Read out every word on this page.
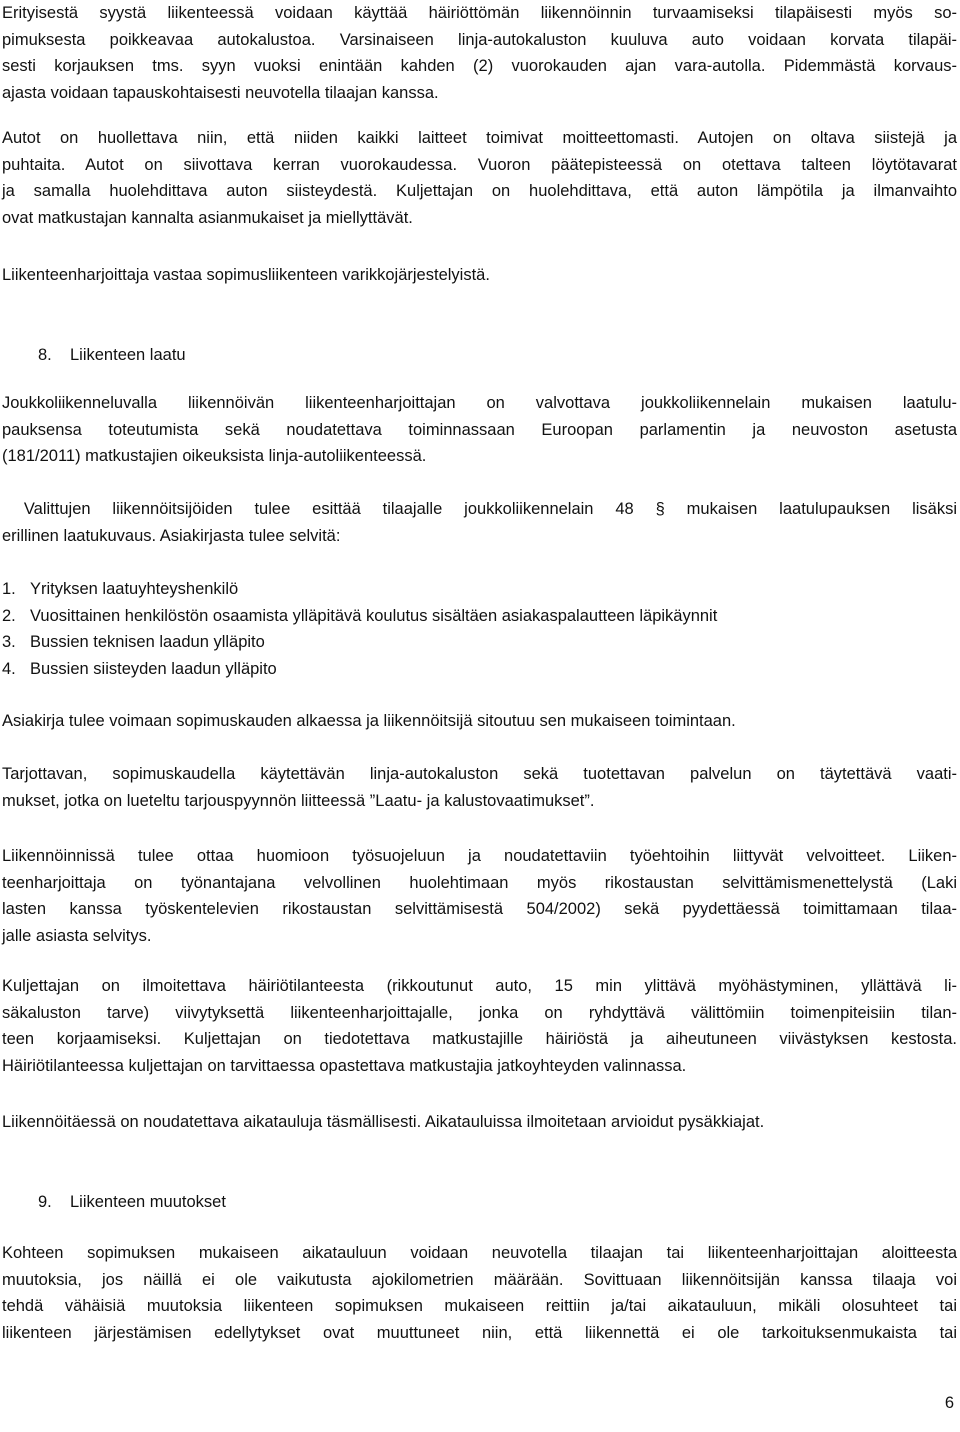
Erityisestä syystä liikenteessä voidaan käyttää häiriöttömän liikennöinnin turvaamiseksi tilapäisesti myös so-
pimuksesta poikkeavaa autokalustoa. Varsinaiseen linja-autokaluston kuuluva auto voidaan korvata tilapäi-
sesti korjauksen tms. syyn vuoksi enintään kahden (2) vuorokauden ajan vara-autolla. Pidemmästä korvaus-
ajasta voidaan tapauskohtaisesti neuvotella tilaajan kanssa.
Autot on huollettava niin, että niiden kaikki laitteet toimivat moitteettomasti. Autojen on oltava siistejä ja
puhtaita. Autot on siivottava kerran vuorokaudessa. Vuoron päätepisteessä on otettava talteen löytötavarat
ja samalla huolehdittava auton siisteydestä. Kuljettajan on huolehdittava, että auton lämpötila ja ilmanvaihto
ovat matkustajan kannalta asianmukaiset ja miellyttävät.
Liikenteenharjoittaja vastaa sopimusliikenteen varikkojärjestelyistä.
8. Liikenteen laatu
Joukkoliikenneluvalla liikennöivän liikenteenharjoittajan on valvottava joukkoliikennelain mukaisen laatulu-
pauksensa toteutumista sekä noudatettava toiminnassaan Euroopan parlamentin ja neuvoston asetusta
(181/2011) matkustajien oikeuksista linja-autoliikenteessä.
Valittujen liikennöitsijöiden tulee esittää tilaajalle joukkoliikennelain 48 § mukaisen laatulupauksen lisäksi
erillinen laatukuvaus. Asiakirjasta tulee selvitä:
1. Yrityksen laatuyhteyshenkilö
2. Vuosittainen henkilöstön osaamista ylläpitävä koulutus sisältäen asiakaspalautteen läpikäynnit
3. Bussien teknisen laadun ylläpito
4. Bussien siisteyden laadun ylläpito
Asiakirja tulee voimaan sopimuskauden alkaessa ja liikennöitsijä sitoutuu sen mukaiseen toimintaan.
Tarjottavan, sopimuskaudella käytettävän linja-autokaluston sekä tuotettavan palvelun on täytettävä vaati-
mukset, jotka on lueteltu tarjouspyynnön liitteessä ”Laatu- ja kalustovaatimukset”.
Liikennöinnissä tulee ottaa huomioon työsuojeluun ja noudatettaviin työehtoihin liittyvät velvoitteet. Liiken-
teenharjoittaja on työnantajana velvollinen huolehtimaan myös rikostaustan selvittämismenettelystä (Laki
lasten kanssa työskentelevien rikostaustan selvittämisestä 504/2002) sekä pyydettäessä toimittamaan tilaa-
jalle asiasta selvitys.
Kuljettajan on ilmoitettava häiriötilanteesta (rikkoutunut auto, 15 min ylittävä myöhästyminen, yllättävä li-
säkaluston tarve) viivytyksettä liikenteenharjoittajalle, jonka on ryhdyttävä välittömiin toimenpiteisiin tilan-
teen korjaamiseksi. Kuljettajan on tiedotettava matkustajille häiriöstä ja aiheutuneen viivästyksen kestosta.
Häiriötilanteessa kuljettajan on tarvittaessa opastettava matkustajia jatkoyhteyden valinnassa.
Liikennöitäessä on noudatettava aikatauluja täsmällisesti. Aikatauluissa ilmoitetaan arvioidut pysäkkiajat.
9. Liikenteen muutokset
Kohteen sopimuksen mukaiseen aikatauluun voidaan neuvotella tilaajan tai liikenteenharjoittajan aloitteesta
muutoksia, jos näillä ei ole vaikutusta ajokilometrien määrään. Sovittuaan liikennöitsijän kanssa tilaaja voi
tehdä vähäisiä muutoksia liikenteen sopimuksen mukaiseen reittiin ja/tai aikatauluun, mikäli olosuhteet tai
liikenteen järjestämisen edellytykset ovat muuttuneet niin, että liikennettä ei ole tarkoituksenmukaista tai
6
